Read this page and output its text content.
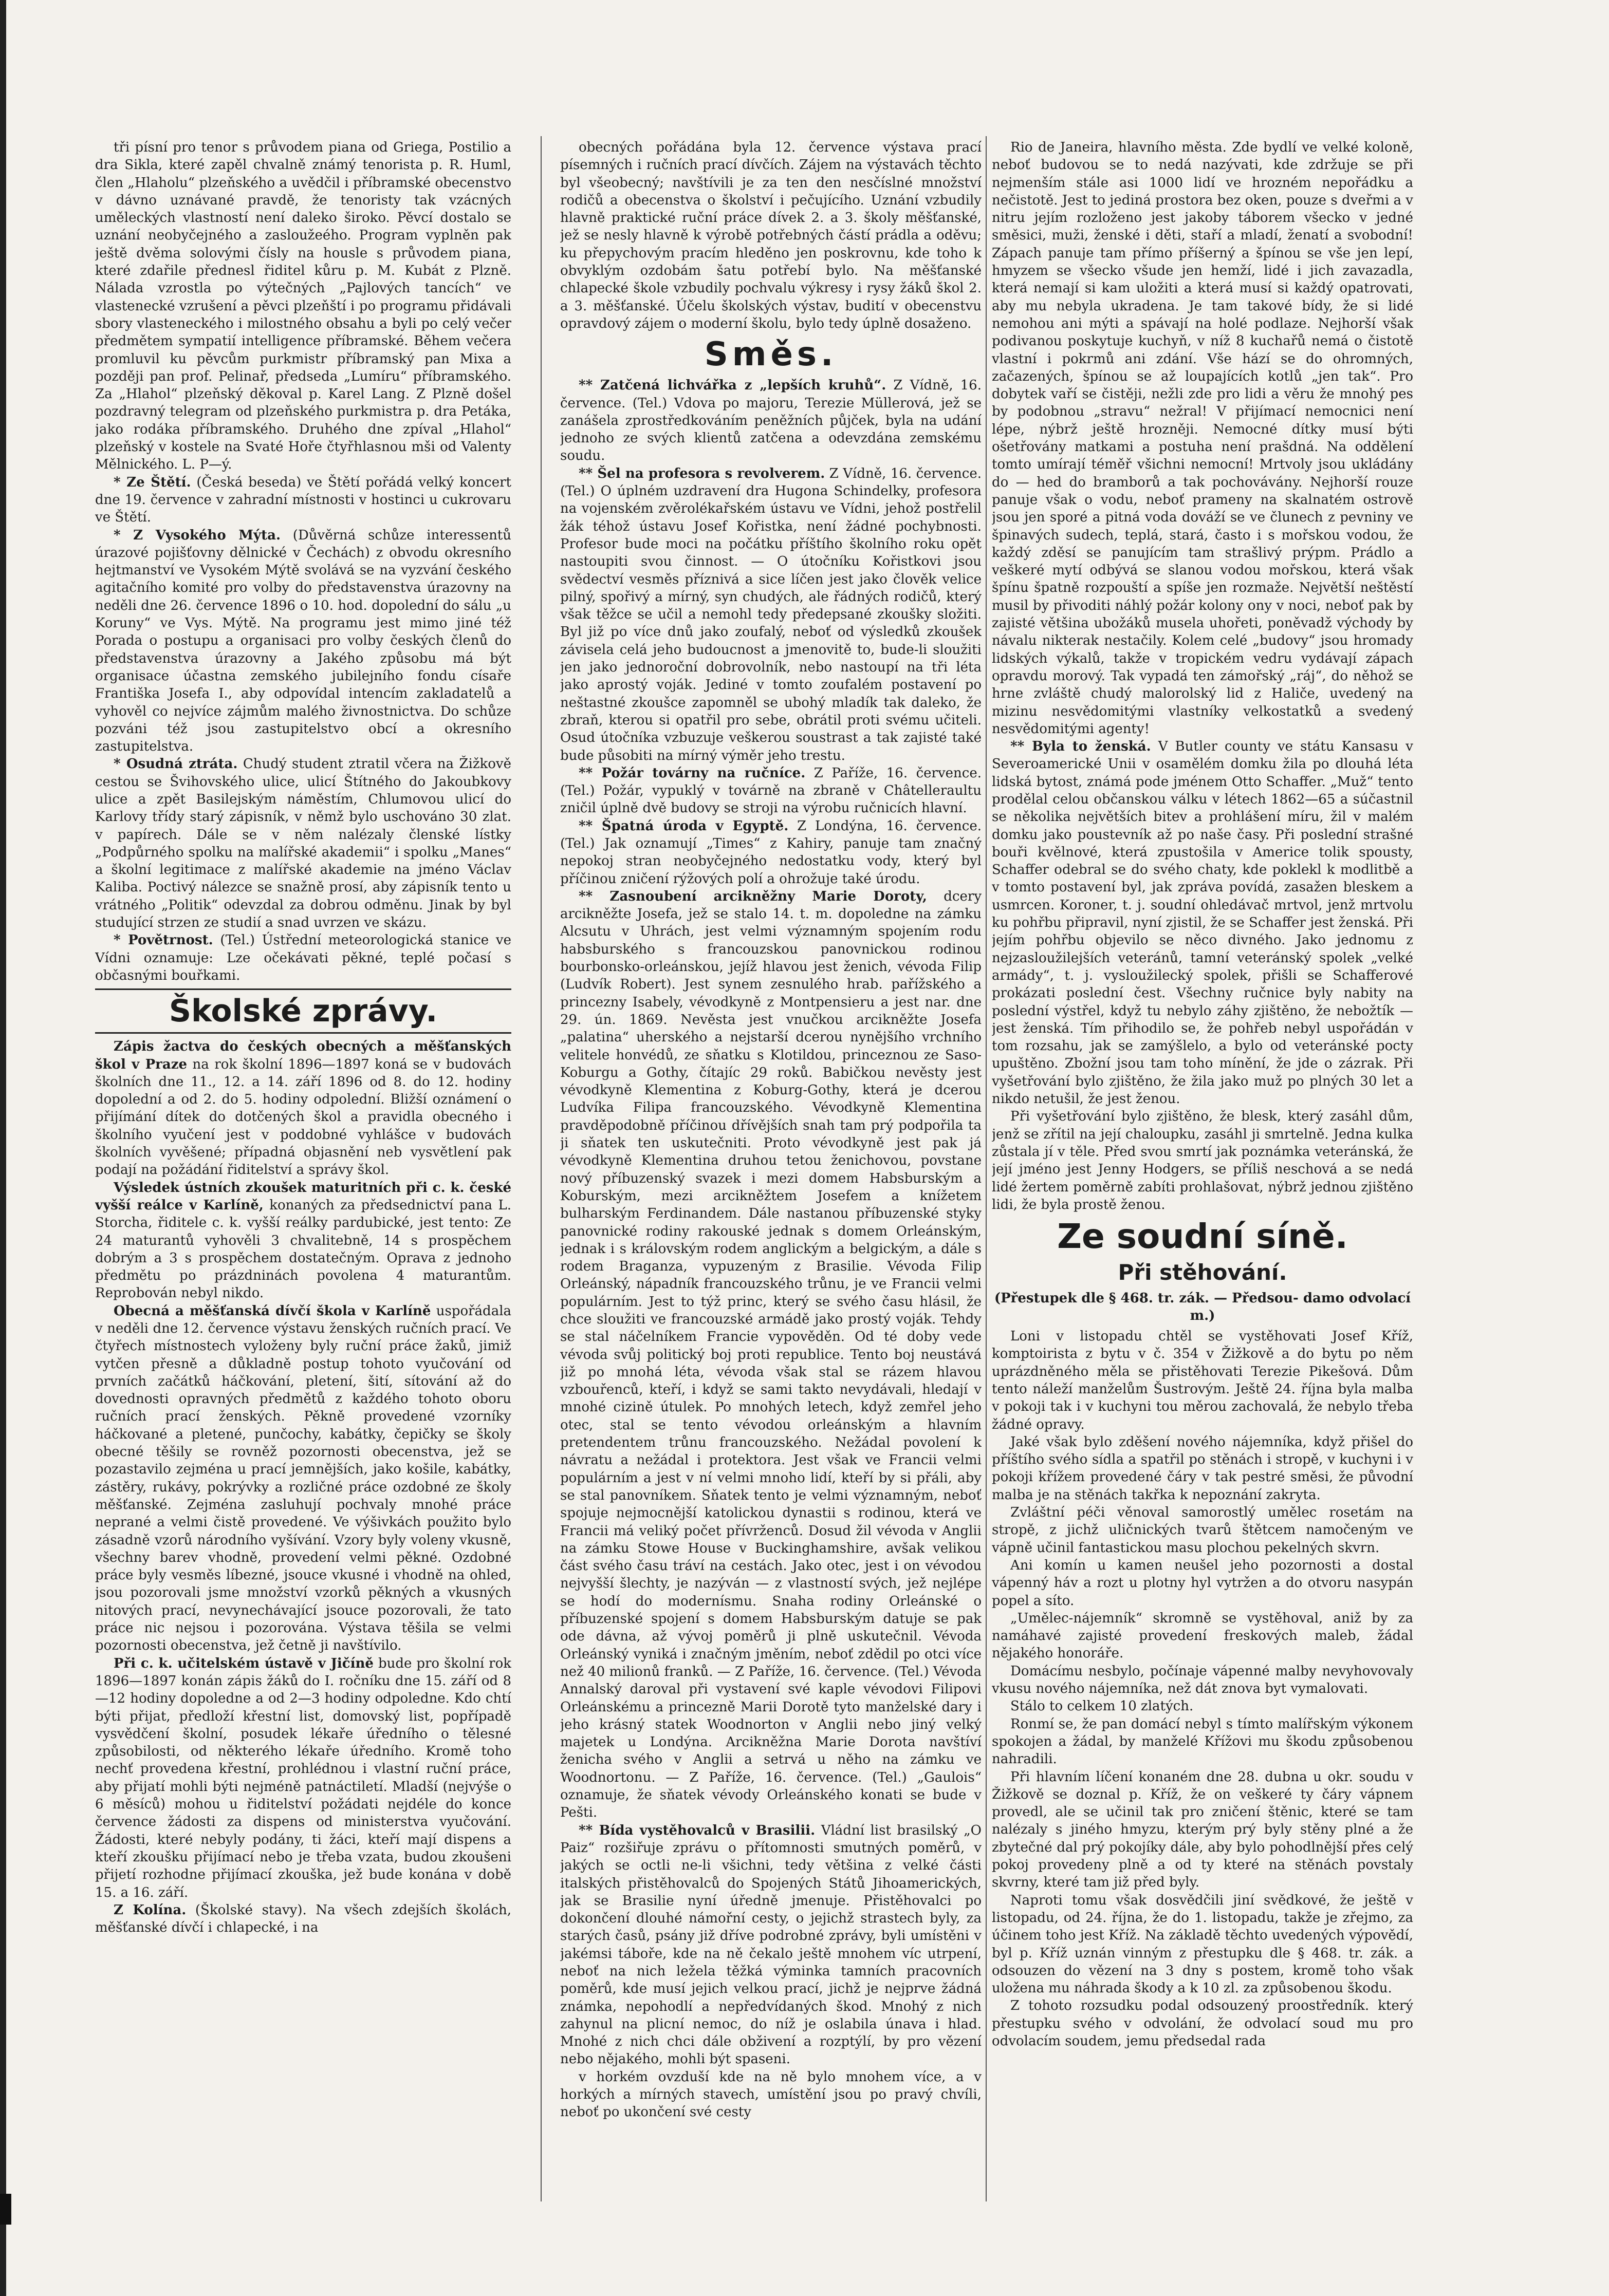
tři písní pro tenor s průvodem piana od Griega, Postilio a dra Sikla, které zapěl chvalně známý tenorista p. R. Huml, člen „Hlaholu“ plzeňského a uvědčil i příbramské obecenstvo v dávno uznávané pravdě, že tenoristy tak vzácných uměleckých vlastností není daleko široko. Pěvcí dostalo se uznání neobyčejného a zasloužeého. Program vyplněn pak ještě dvěma solovými čísly na housle s průvodem piana, které zdařile přednesl řiditel kůru p. M. Kubát z Plzně. Nálada vzrostla po výtečných „Pajlových tancích“ ve vlastenecké vzrušení a pěvci plzeňští i po programu přidávali sbory vlasteneckého i milostného obsahu a byli po celý večer předmětem sympatií intelligence příbramské. Během večera promluvil ku pěvcům purkmistr příbramský pan Mixa a později pan prof. Pelinař, předseda „Lumíru“ příbramského. Za „Hlahol“ plzeňský děkoval p. Karel Lang. Z Plzně došel pozdravný telegram od plzeňského purkmistra p. dra Petáka, jako rodáka příbramského. Druhého dne zpíval „Hlahol“ plzeňský v kostele na Svaté Hoře čtyřhlasnou mši od Valenty Mělnického. L. P—ý.

* Ze Štětí. (Česká beseda) ve Štětí pořádá velký koncert dne 19. července v zahradní místnosti v hostinci u cukrovaru ve Štětí.

* Z Vysokého Mýta. (Důvěrná schůze interessentů úrazové pojišťovny dělnické v Čechách) z obvodu okresního hejtmanství ve Vysokém Mýtě svolává se na vyzvání českého agitačního komité pro volby do představenstva úrazovny na neděli dne 26. července 1896 o 10. hod. dopolední do sálu „u Koruny“ ve Vys. Mýtě. Na programu jest mimo jiné též Porada o postupu a organisaci pro volby českých členů do představenstva úrazovny a Jakého způsobu má být organisace účastna zemského jubilejního fondu císaře Františka Josefa I., aby odpovídal intencím zakladatelů a vyhověl co nejvíce zájmům malého živnostnictva. Do schůze pozváni též jsou zastupitelstvo obcí a okresního zastupitelstva.

* Osudná ztráta. Chudý student ztratil včera na Žižkově cestou se Švihovského ulice, ulicí Štítného do Jakoubkovy ulice a zpět Basilejským náměstím, Chlumovou ulicí do Karlovy třídy starý zápisník, v němž bylo uschováno 30 zlat. v papírech. Dále se v něm nalézaly členské lístky „Podpůrného spolku na malířské akademii“ i spolku „Manes“ a školní legitimace z malířské akademie na jméno Václav Kaliba. Poctivý nálezce se snažně prosí, aby zápisník tento u vrátného „Politik“ odevzdal za dobrou odměnu. Jinak by byl studující strzen ze studií a snad uvrzen ve skázu.

* Povětrnost. (Tel.) Ústřední meteorologická stanice ve Vídni oznamuje: Lze očekávati pěkné, teplé počasí s občasnými bouřkami.

Školské zprávy.

Zápis žactva do českých obecných a měšťanských škol v Praze na rok školní 1896—1897 koná se v budovách školních dne 11., 12. a 14. září 1896 od 8. do 12. hodiny dopolední a od 2. do 5. hodiny odpolední. Bližší oznámení o přijímání dítek do dotčených škol a pravidla obecného i školního vyučení jest v poddobné vyhlášce v budovách školních vyvěšené; případná objasnění neb vysvětlení pak podají na požádání řiditelství a správy škol.

Výsledek ústních zkoušek maturitních při c. k. české vyšší reálce v Karlíně, konaných za předsednictví pana L. Storcha, řiditele c. k. vyšší reálky pardubické, jest tento: Ze 24 maturantů vyhověli 3 chvalitebně, 14 s prospěchem dobrým a 3 s prospěchem dostatečným. Oprava z jednoho předmětu po prázdninách povolena 4 maturantům. Reprobován nebyl nikdo.

Obecná a měšťanská dívčí škola v Karlíně uspořádala v neděli dne 12. července výstavu ženských ručních prací. Ve čtyřech místnostech vyloženy byly ruční práce žaků, jimiž vytčen přesně a důkladně postup tohoto vyučování od prvních začátků háčkování, pletení, šití, sítování až do dovednosti opravných předmětů z každého tohoto oboru ručních prací ženských. Pěkně provedené vzorníky háčkované a pletené, punčochy, kabátky, čepičky se školy obecné těšily se rovněž pozornosti obecenstva, jež se pozastavilo zejména u prací jemnějších, jako košile, kabátky, zástěry, rukávy, pokrývky a rozličné práce ozdobné ze školy měšťanské. Zejména zasluhují pochvaly mnohé práce neprané a velmi čistě provedené. Ve výšivkách použito bylo zásadně vzorů národního vyšívání. Vzory byly voleny vkusně, všechny barev vhodně, provedení velmi pěkné. Ozdobné práce byly vesměs líbezné, jsouce vkusné i vhodně na ohled, jsou pozorovali jsme množství vzorků pěkných a vkusných nitových prací, nevynechávající jsouce pozorovali, že tato práce nic nejsou i pozorována. Výstava těšila se velmi pozornosti obecenstva, jež četně ji navštívilo.

Při c. k. učitelském ústavě v Jičíně bude pro školní rok 1896—1897 konán zápis žáků do I. ročníku dne 15. září od 8—12 hodiny dopoledne a od 2—3 hodiny odpoledne. Kdo chtí býti přijat, předloží křestní list, domovský list, popřípadě vysvědčení školní, posudek lékaře úředního o tělesné způsobilosti, od některého lékaře úředního. Kromě toho nechť provedena křestní, prohlédnou i vlastní ruční práce, aby přijatí mohli býti nejméně patnáctiletí. Mladší (nejvýše o 6 měsíců) mohou u řiditelství požádati nejdéle do konce července žádosti za dispens od ministerstva vyučování. Žádosti, které nebyly podány, ti žáci, kteří mají dispens a kteří zkoušku přijímací nebo je třeba vzata, budou zkoušeni přijetí rozhodne přijímací zkouška, jež bude konána v době 15. a 16. září.

Z Kolína. (Školské stavy). Na všech zdejších školách, měšťanské dívčí i chlapecké, i na

obecných pořádána byla 12. července výstava prací písemných i ručních prací dívčích. Zájem na výstavách těchto byl všeobecný; navštívili je za ten den nesčíslné množství rodičů a obecenstva o školství i pečujícího. Uznání vzbudily hlavně praktické ruční práce dívek 2. a 3. školy měšťanské, jež se nesly hlavně k výrobě potřebných částí prádla a oděvu; ku přepychovým pracím hleděno jen poskrovnu, kde toho k obvyklým ozdobám šatu potřebí bylo. Na měšťanské chlapecké škole vzbudily pochvalu výkresy i rysy žáků škol 2. a 3. měšťanské. Účelu školských výstav, budití v obecenstvu opravdový zájem o moderní školu, bylo tedy úplně dosaženo.

Směs.

** Zatčená lichvářka z „lepších kruhů“. Z Vídně, 16. července. (Tel.) Vdova po majoru, Terezie Müllerová, jež se zanášela zprostředkováním peněžních půjček, byla na udání jednoho ze svých klientů zatčena a odevzdána zemskému soudu.

** Šel na profesora s revolverem. Z Vídně, 16. července. (Tel.) O úplném uzdravení dra Hugona Schindelky, profesora na vojenském zvěrolékařském ústavu ve Vídni, jehož postřelil žák téhož ústavu Josef Kořistka, není žádné pochybnosti. Profesor bude moci na počátku příštího školního roku opět nastoupiti svou činnost. — O útočníku Kořistkovi jsou svědectví vesměs příznivá a sice líčen jest jako člověk velice pilný, spořivý a mírný, syn chudých, ale řádných rodičů, který však těžce se učil a nemohl tedy předepsané zkoušky složiti. Byl již po více dnů jako zoufalý, neboť od výsledků zkoušek závisela celá jeho budoucnost a jmenovitě to, bude-li sloužiti jen jako jednoroční dobrovolník, nebo nastoupí na tři léta jako aprostý voják. Jediné v tomto zoufalém postavení po neštastné zkoušce zapomněl se ubohý mladík tak daleko, že zbraň, kterou si opatřil pro sebe, obrátil proti svému učiteli. Osud útočníka vzbuzuje veškerou soustrast a tak zajisté také bude působiti na mírný výměr jeho trestu.

** Požár továrny na ručníce. Z Paříže, 16. července. (Tel.) Požár, vypuklý v továrně na zbraně v Châtelleraultu zničil úplně dvě budovy se stroji na výrobu ručnicích hlavní.

** Špatná úroda v Egyptě. Z Londýna, 16. července. (Tel.) Jak oznamují „Times“ z Kahiry, panuje tam značný nepokoj stran neobyčejného nedostatku vody, který byl příčinou zničení rýžových polí a ohrožuje také úrodu.

** Zasnoubení arcikněžny Marie Doroty, dcery arcikněžte Josefa, jež se stalo 14. t. m. dopoledne na zámku Alcsutu v Uhrách, jest velmi významným spojením rodu habsburského s francouzskou panovnickou rodinou bourbonsko-orleánskou, jejíž hlavou jest ženich, vévoda Filip (Ludvík Robert). Jest synem zesnulého hrab. pařížského a princezny Isabely, vévodkyně z Montpensieru a jest nar. dne 29. ún. 1869. Nevěsta jest vnučkou arcikněžte Josefa „palatina“ uherského a nejstarší dcerou nynějšího vrchního velitele honvédů, ze sňatku s Klotildou, princeznou ze Saso-Koburgu a Gothy, čítajíc 29 roků. Babičkou nevěsty jest vévodkyně Klementina z Koburg-Gothy, která je dcerou Ludvíka Filipa francouzského. Vévodkyně Klementina pravděpodobně příčinou dřívějších snah tam prý podpořila ta ji sňatek ten uskutečniti. Proto vévodkyně jest pak já vévodkyně Klementina druhou tetou ženichovou, povstane nový příbuzenský svazek i mezi domem Habsburským a Koburským, mezi arcikněžtem Josefem a knížetem bulharským Ferdinandem. Dále nastanou příbuzenské styky panovnické rodiny rakouské jednak s domem Orleánským, jednak i s královským rodem anglickým a belgickým, a dále s rodem Braganza, vypuzeným z Brasilie. Vévoda Filip Orleánský, nápadník francouzského trůnu, je ve Francii velmi populárním. Jest to týž princ, který se svého času hlásil, že chce sloužiti ve francouzské armádě jako prostý voják. Tehdy se stal náčelníkem Francie vypověděn. Od té doby vede vévoda svůj politický boj proti republice. Tento boj neustává již po mnohá léta, vévoda však stal se rázem hlavou vzbouřenců, kteří, i když se sami takto nevydávali, hledají v mnohé cizině útulek. Po mnohých letech, když zemřel jeho otec, stal se tento vévodou orleánským a hlavním pretendentem trůnu francouzského. Nežádal povolení k návratu a nežádal i protektora. Jest však ve Francii velmi populárním a jest v ní velmi mnoho lidí, kteří by si přáli, aby se stal panovníkem. Sňatek tento je velmi významným, neboť spojuje nejmocnější katolickou dynastii s rodinou, která ve Francii má veliký počet přívrženců. Dosud žil vévoda v Anglii na zámku Stowe House v Buckinghamshire, avšak velikou část svého času tráví na cestách. Jako otec, jest i on vévodou nejvyšší šlechty, je nazýván — z vlastností svých, jež nejlépe se hodí do modernísmu. Snaha rodiny Orleánské o příbuzenské spojení s domem Habsburským datuje se pak ode dávna, až vývoj poměrů ji plně uskutečnil. Vévoda Orleánský vyniká i značným jměním, neboť zdědil po otci více než 40 milionů franků. — Z Paříže, 16. července. (Tel.) Vévoda Annalský daroval při vystavení své kaple vévodovi Filipovi Orleánskému a princezně Marii Dorotě tyto manželské dary i jeho krásný statek Woodnorton v Anglii nebo jiný velký majetek u Londýna. Arcikněžna Marie Dorota navštíví ženicha svého v Anglii a setrvá u něho na zámku ve Woodnortonu. — Z Paříže, 16. července. (Tel.) „Gaulois“ oznamuje, že sňatek vévody Orleánského konati se bude v Pešti.

** Bída vystěhovalců v Brasilii. Vládní list brasilský „O Paiz“ rozšiřuje zprávu o přítomnosti smutných poměrů, v jakých se octli ne-li všichni, tedy většina z velké části italských přistěhovalců do Spojených Států Jihoamerických, jak se Brasilie nyní úředně jmenuje. Přistěhovalci po dokončení dlouhé námořní cesty, o jejichž strastech byly, za starých časů, psány již dříve podrobné zprávy, byli umístěni v jakémsi táboře, kde na ně čekalo ještě mnohem víc utrpení, neboť na nich ležela těžká výminka tamních pracovních poměrů, kde musí jejich velkou prací, jichž je nejprve žádná známka, nepohodlí a nepředvídaných škod. Mnohý z nich zahynul na plicní nemoc, do níž je oslabila únava i hlad. Mnohé z nich chci dále obživení a rozptýlí, by pro vězení nebo nějakého, mohli být spaseni.

v horkém ovzduší kde na ně bylo mnohem více, a v horkých a mírných stavech, umístění jsou po pravý chvíli, neboť po ukončení své cesty

Rio de Janeira, hlavního města. Zde bydlí ve velké koloně, neboť budovou se to nedá nazývati, kde zdržuje se při nejmenším stále asi 1000 lidí ve hrozném nepořádku a nečistotě. Jest to jediná prostora bez oken, pouze s dveřmi a v nitru jejím rozloženo jest jakoby táborem všecko v jedné směsici, muži, ženské i děti, staří a mladí, ženatí a svobodní! Zápach panuje tam přímo příšerný a špínou se vše jen lepí, hmyzem se všecko všude jen hemží, lidé i jich zavazadla, která nemají si kam uložiti a která musí si každý opatrovati, aby mu nebyla ukradena. Je tam takové bídy, že si lidé nemohou ani mýti a spávají na holé podlaze. Nejhorší však podivanou poskytuje kuchyň, v níž 8 kuchařů nemá o čistotě vlastní i pokrmů ani zdání. Vše hází se do ohromných, začazených, špínou se až loupajících kotlů „jen tak“. Pro dobytek vaří se čistěji, nežli zde pro lidi a věru že mnohý pes by podobnou „stravu“ nežral! V přijímací nemocnici není lépe, nýbrž ještě hrozněji. Nemocné dítky musí býti ošetřovány matkami a postuha není prašdná. Na oddělení tomto umírají téměř všichni nemocní! Mrtvoly jsou ukládány do — hed do bramborů a tak pochovávány. Nejhorší rouze panuje však o vodu, neboť prameny na skalnatém ostrově jsou jen sporé a pitná voda dováží se ve člunech z pevniny ve špinavých sudech, teplá, stará, často i s mořskou vodou, že každý zděsí se panujícím tam strašlivý prýpm. Prádlo a veškeré mytí odbývá se slanou vodou mořskou, která však špínu špatně rozpouští a spíše jen rozmaže. Největší neštěstí musil by přivoditi náhlý požár kolony ony v noci, neboť pak by zajisté většina ubožáků musela uhořeti, poněvadž východy by návalu nikterak nestačily. Kolem celé „budovy“ jsou hromady lidských výkalů, takže v tropickém vedru vydávají zápach opravdu morový. Tak vypadá ten zámořský „ráj“, do něhož se hrne zvláště chudý malorolský lid z Haliče, uvedený na mizinu nesvědomitými vlastníky velkostatků a svedený nesvědomitými agenty!

** Byla to ženská. V Butler county ve státu Kansasu v Severoamerické Unii v osamělém domku žila po dlouhá léta lidská bytost, známá pode jménem Otto Schaffer. „Muž“ tento prodělal celou občanskou válku v létech 1862—65 a súčastnil se několika největších bitev a prohlášení míru, žil v malém domku jako poustevník až po naše časy. Při poslední strašné bouři kvělnové, která zpustošila v Americe tolik spousty, Schaffer odebral se do svého chaty, kde poklekl k modlitbě a v tomto postavení byl, jak zpráva povídá, zasažen bleskem a usmrcen. Koroner, t. j. soudní ohledávač mrtvol, jenž mrtvolu ku pohřbu připravil, nyní zjistil, že se Schaffer jest ženská. Při jejím pohřbu objevilo se něco divného. Jako jednomu z nejzasloužilejších veteránů, tamní veteránský spolek „velké armády“, t. j. vysloužilecký spolek, přišli se Schafferové prokázati poslední čest. Všechny ručnice byly nabity na poslední výstřel, když tu nebylo záhy zjištěno, že nebožtík — jest ženská. Tím přihodilo se, že pohřeb nebyl uspořádán v tom rozsahu, jak se zamýšlelo, a bylo od veteránské pocty upuštěno. Zbožní jsou tam toho mínění, že jde o zázrak. Při vyšetřování bylo zjištěno, že žila jako muž po plných 30 let a nikdo netušil, že jest ženou.

Při vyšetřování bylo zjištěno, že blesk, který zasáhl dům, jenž se zřítil na její chaloupku, zasáhl ji smrtelně. Jedna kulka zůstala jí v těle. Před svou smrtí jak poznámka veteránská, že její jméno jest Jenny Hodgers, se příliš neschová a se nedá lidé žertem poměrně zabíti prohlašovat, nýbrž jednou zjištěno lidi, že byla prostě ženou.

Ze soudní síně.
Při stěhování.
(Přestupek dle § 468. tr. zák. — Předsou- damo odvolací m.)

Loni v listopadu chtěl se vystěhovati Josef Kříž, komptoirista z bytu v č. 354 v Žižkově a do bytu po něm uprázdněného měla se přistěhovati Terezie Pikešová. Dům tento náleží manželům Šustrovým. Ještě 24. října byla malba v pokoji tak i v kuchyni tou měrou zachovalá, že nebylo třeba žádné opravy.

Jaké však bylo zděšení nového nájemníka, když přišel do příštího svého sídla a spatřil po stěnách i stropě, v kuchyni i v pokoji křížem provedené čáry v tak pestré směsi, že původní malba je na stěnách takřka k nepoznání zakryta.

Zvláštní péči věnoval samorostlý umělec rosetám na stropě, z jichž uličnických tvarů štětcem namočeným ve vápně učinil fantastickou masu plochou pekelných skvrn.

Ani komín u kamen neušel jeho pozornosti a dostal vápenný háv a rozt u plotny hyl vytržen a do otvoru nasypán popel a síto.

„Umělec-nájemník“ skromně se vystěhoval, aniž by za namáhavé zajisté provedení freskových maleb, žádal nějakého honoráře.

Domácímu nesbylo, počínaje vápenné malby nevyhovovaly vkusu nového nájemníka, než dát znova byt vymalovati.

Stálo to celkem 10 zlatých.

Ronmí se, že pan domácí nebyl s tímto malířským výkonem spokojen a žádal, by manželé Křížovi mu škodu způsobenou nahradili.

Při hlavním líčení konaném dne 28. dubna u okr. soudu v Žižkově se doznal p. Kříž, že on veškeré ty čáry vápnem provedl, ale se učinil tak pro zničení štěnic, které se tam nalézaly s jiného hmyzu, kterým prý byly stěny plné a že zbytečné dal prý pokojíky dále, aby bylo pohodlnější přes celý pokoj provedeny plně a od ty které na stěnách povstaly skvrny, které tam již před byly.

Naproti tomu však dosvědčili jiní svědkové, že ještě v listopadu, od 24. října, že do 1. listopadu, takže je zřejmo, za účinem toho jest Kříž. Na základě těchto uvedených výpovědí, byl p. Kříž uznán vinným z přestupku dle § 468. tr. zák. a odsouzen do vězení na 3 dny s postem, kromě toho však uložena mu náhrada škody a k 10 zl. za způsobenou škodu.

Z tohoto rozsudku podal odsouzený proostředník. který přestupku svého v odvolání, že odvolací soud mu pro odvolacím soudem, jemu předsedal rada
